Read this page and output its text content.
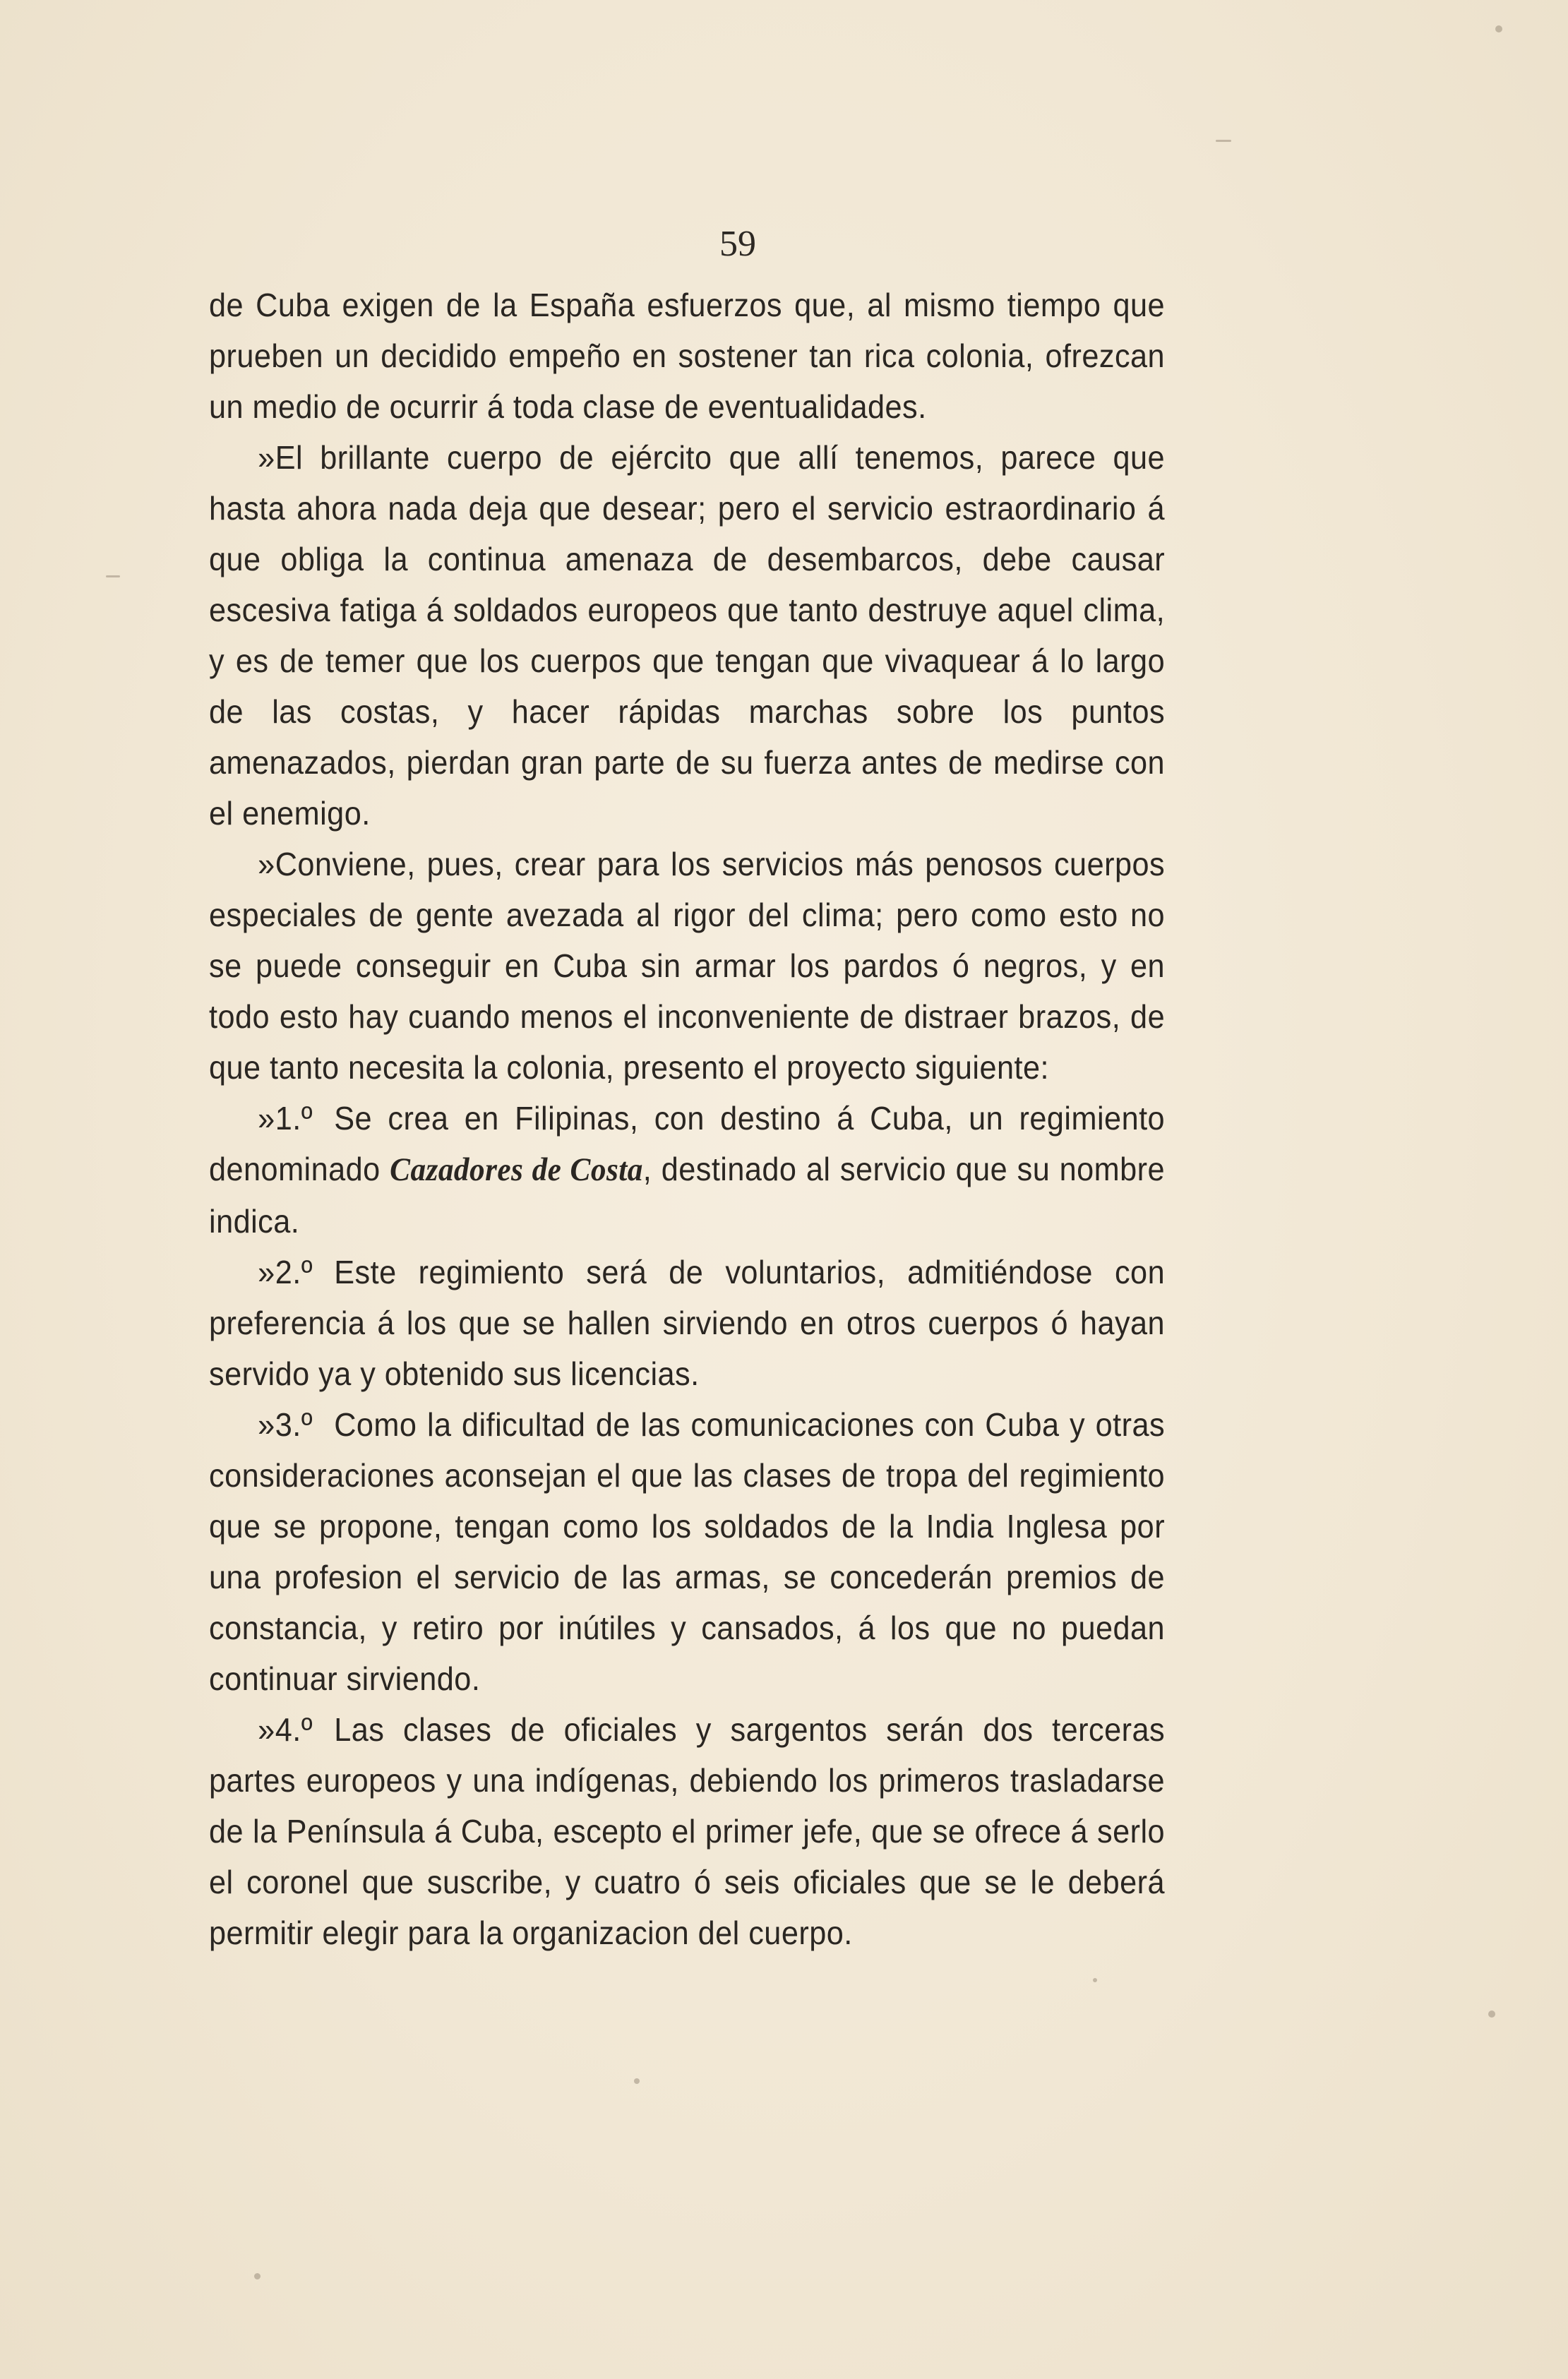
59

de Cuba exigen de la España esfuerzos que, al mismo tiempo que prueben un decidido empeño en sostener tan rica colonia, ofrezcan un medio de ocurrir á toda clase de eventualidades.

»El brillante cuerpo de ejército que allí tenemos, parece que hasta ahora nada deja que desear; pero el servicio estraordinario á que obliga la continua amenaza de desembarcos, debe causar escesiva fatiga á soldados europeos que tanto destruye aquel clima, y es de temer que los cuerpos que tengan que vivaquear á lo largo de las costas, y hacer rápidas marchas sobre los puntos amenazados, pierdan gran parte de su fuerza antes de medirse con el enemigo.

»Conviene, pues, crear para los servicios más penosos cuerpos especiales de gente avezada al rigor del clima; pero como esto no se puede conseguir en Cuba sin armar los pardos ó negros, y en todo esto hay cuando menos el inconveniente de distraer brazos, de que tanto necesita la colonia, presento el proyecto siguiente:

»1.º Se crea en Filipinas, con destino á Cuba, un regimiento denominado Cazadores de Costa, destinado al servicio que su nombre indica.

»2.º Este regimiento será de voluntarios, admitiéndose con preferencia á los que se hallen sirviendo en otros cuerpos ó hayan servido ya y obtenido sus licencias.

»3.º Como la dificultad de las comunicaciones con Cuba y otras consideraciones aconsejan el que las clases de tropa del regimiento que se propone, tengan como los soldados de la India Inglesa por una profesion el servicio de las armas, se concederán premios de constancia, y retiro por inútiles y cansados, á los que no puedan continuar sirviendo.

»4.º Las clases de oficiales y sargentos serán dos terceras partes europeos y una indígenas, debiendo los primeros trasladarse de la Península á Cuba, escepto el primer jefe, que se ofrece á serlo el coronel que suscribe, y cuatro ó seis oficiales que se le deberá permitir elegir para la organizacion del cuerpo.
